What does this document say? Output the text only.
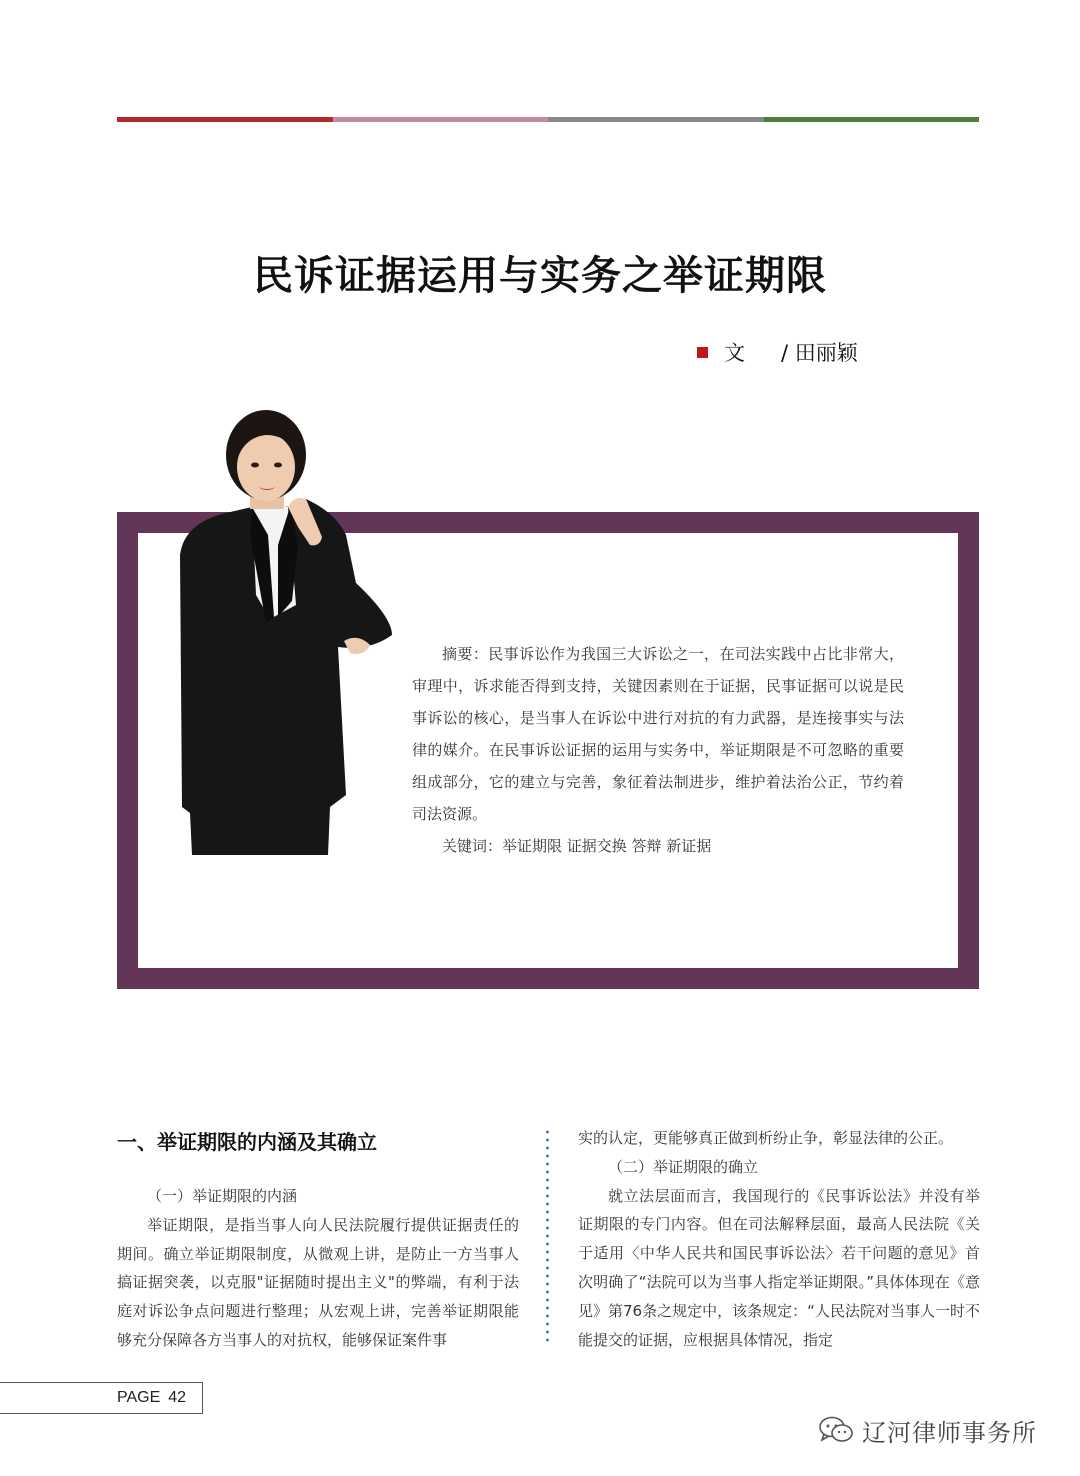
民诉证据运用与实务之举证期限
文 / 田丽颖

摘要：民事诉讼作为我国三大诉讼之一，在司法实践中占比非常大，审理中，诉求能否得到支持，关键因素则在于证据，民事证据可以说是民事诉讼的核心，是当事人在诉讼中进行对抗的有力武器，是连接事实与法律的媒介。在民事诉讼证据的运用与实务中，举证期限是不可忽略的重要组成部分，它的建立与完善，象征着法制进步，维护着法治公正，节约着司法资源。

关键词：举证期限 证据交换 答辩 新证据

一、举证期限的内涵及其确立

（一）举证期限的内涵

举证期限，是指当事人向人民法院履行提供证据责任的期间。确立举证期限制度，从微观上讲，是防止一方当事人搞证据突袭，以克服"证据随时提出主义"的弊端，有利于法庭对诉讼争点问题进行整理；从宏观上讲，完善举证期限能够充分保障各方当事人的对抗权，能够保证案件事

实的认定，更能够真正做到析纷止争，彰显法律的公正。

（二）举证期限的确立

就立法层面而言，我国现行的《民事诉讼法》并没有举证期限的专门内容。但在司法解释层面，最高人民法院《关于适用〈中华人民共和国民事诉讼法〉若干问题的意见》首次明确了“法院可以为当事人指定举证期限。”具体体现在《意见》第76条之规定中，该条规定：“人民法院对当事人一时不能提交的证据，应根据具体情况，指定

PAGE 42
辽河律师事务所
